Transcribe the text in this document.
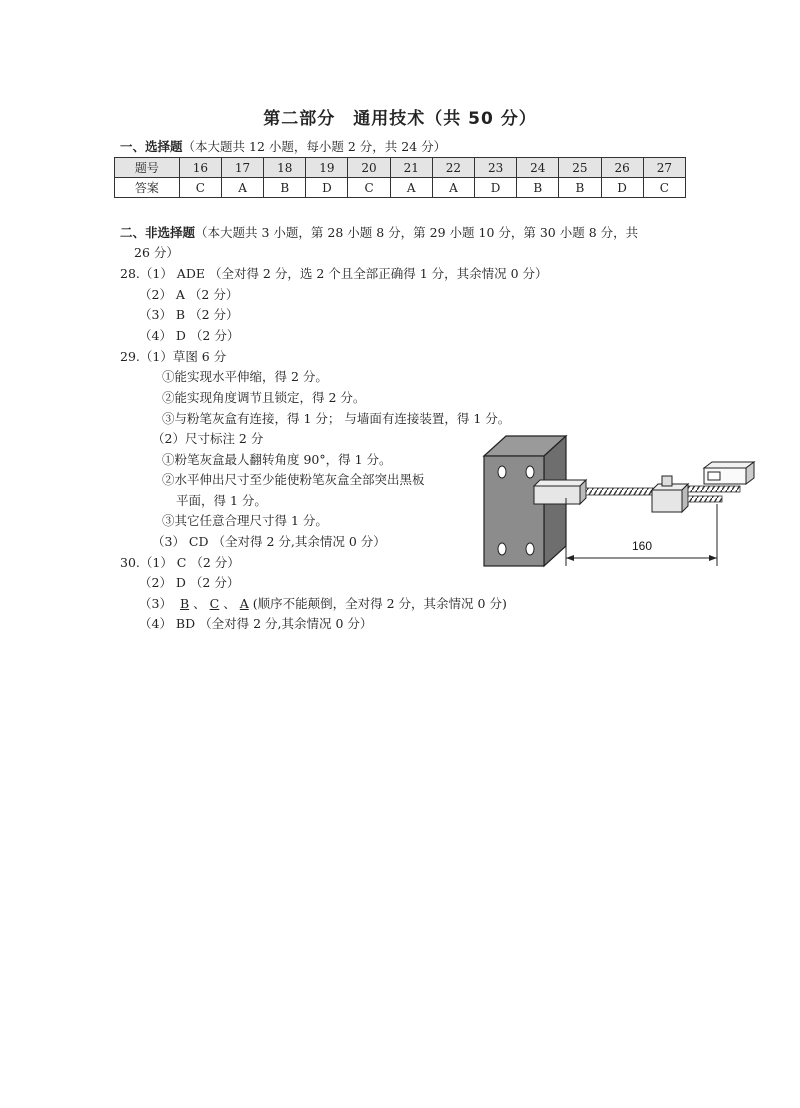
第二部分　通用技术（共 50 分）
一、选择题（本大题共 12 小题，每小题 2 分，共 24 分）
题号	16	17	18	19	20	21	22	23	24	25	26	27
答案	C	A	B	D	C	A	A	D	B	B	D	C
二、非选择题（本大题共 3 小题，第 28 小题 8 分，第 29 小题 10 分，第 30 小题 8 分，共
26 分）
28.（1） ADE （全对得 2 分，选 2 个且全部正确得 1 分，其余情况 0 分）
（2） A （2 分）
（3） B （2 分）
（4） D （2 分）
29.（1）草图 6 分
①能实现水平伸缩，得 2 分。
②能实现角度调节且锁定，得 2 分。
③与粉笔灰盒有连接，得 1 分； 与墙面有连接装置，得 1 分。
（2）尺寸标注 2 分
①粉笔灰盒最人翻转角度 90°，得 1 分。
②水平伸出尺寸至少能使粉笔灰盒全部突出黑板
平面，得 1 分。
③其它任意合理尺寸得 1 分。
（3） CD （全对得 2 分,其余情况 0 分）
30.（1） C （2 分）
（2） D （2 分）
（3） B 、 C 、 A (顺序不能颠倒，全对得 2 分，其余情况 0 分)
（4） BD （全对得 2 分,其余情况 0 分）
160
